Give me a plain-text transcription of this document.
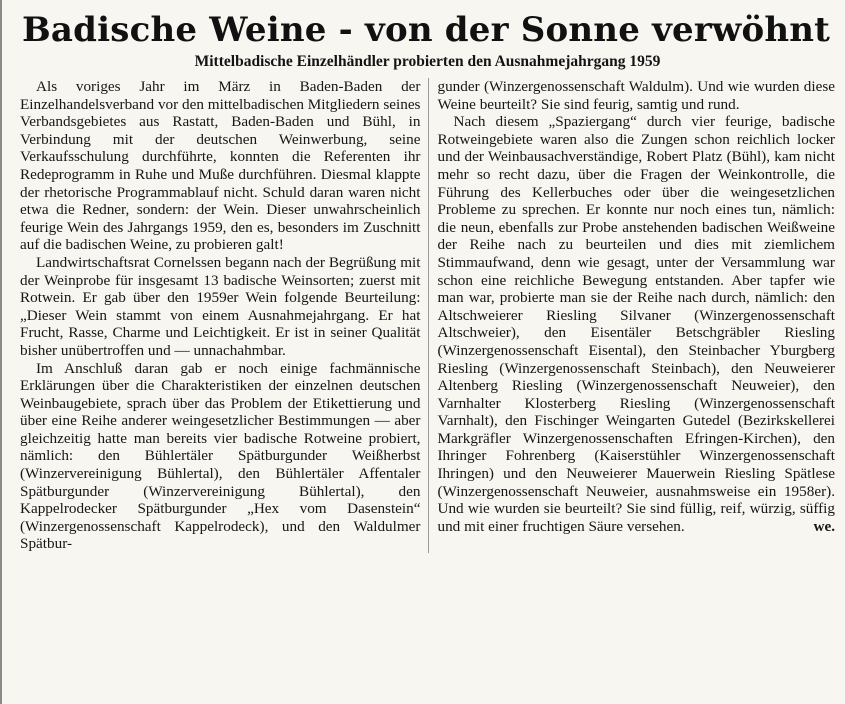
Badische Weine - von der Sonne verwöhnt
Mittelbadische Einzelhändler probierten den Ausnahmejahrgang 1959

Als voriges Jahr im März in Baden-Baden der Einzelhandelsverband vor den mittelbadischen Mitgliedern seines Verbandsgebietes aus Rastatt, Baden-Baden und Bühl, in Verbindung mit der deutschen Weinwerbung, seine Verkaufsschulung durchführte, konnten die Referenten ihr Redeprogramm in Ruhe und Muße durchführen. Diesmal klappte der rhetorische Programmablauf nicht. Schuld daran waren nicht etwa die Redner, sondern: der Wein. Dieser unwahrscheinlich feurige Wein des Jahrgangs 1959, den es, besonders im Zuschnitt auf die badischen Weine, zu probieren galt!

Landwirtschaftsrat Cornelssen begann nach der Begrüßung mit der Weinprobe für insgesamt 13 badische Weinsorten; zuerst mit Rotwein. Er gab über den 1959er Wein folgende Beurteilung: „Dieser Wein stammt von einem Ausnahmejahrgang. Er hat Frucht, Rasse, Charme und Leichtigkeit. Er ist in seiner Qualität bisher unübertroffen und — unnachahmbar.

Im Anschluß daran gab er noch einige fachmännische Erklärungen über die Charakteristiken der einzelnen deutschen Weinbaugebiete, sprach über das Problem der Etikettierung und über eine Reihe anderer weingesetzlicher Bestimmungen — aber gleichzeitig hatte man bereits vier badische Rotweine probiert, nämlich: den Bühlertäler Spätburgunder Weißherbst (Winzervereinigung Bühlertal), den Bühlertäler Affentaler Spätburgunder (Winzervereinigung Bühlertal), den Kappelrodecker Spätburgunder „Hex vom Dasenstein“ (Winzergenossenschaft Kappelrodeck), und den Waldulmer Spätbur-

gunder (Winzergenossenschaft Waldulm). Und wie wurden diese Weine beurteilt? Sie sind feurig, samtig und rund.

Nach diesem „Spaziergang“ durch vier feurige, badische Rotweingebiete waren also die Zungen schon reichlich locker und der Weinbausachverständige, Robert Platz (Bühl), kam nicht mehr so recht dazu, über die Fragen der Weinkontrolle, die Führung des Kellerbuches oder über die weingesetzlichen Probleme zu sprechen. Er konnte nur noch eines tun, nämlich: die neun, ebenfalls zur Probe anstehenden badischen Weißweine der Reihe nach zu beurteilen und dies mit ziemlichem Stimmaufwand, denn wie gesagt, unter der Versammlung war schon eine reichliche Bewegung entstanden. Aber tapfer wie man war, probierte man sie der Reihe nach durch, nämlich: den Altschweierer Riesling Silvaner (Winzergenossenschaft Altschweier), den Eisentäler Betschgräbler Riesling (Winzergenossenschaft Eisental), den Steinbacher Yburgberg Riesling (Winzergenossenschaft Steinbach), den Neuweierer Altenberg Riesling (Winzergenossenschaft Neuweier), den Varnhalter Klosterberg Riesling (Winzergenossenschaft Varnhalt), den Fischinger Weingarten Gutedel (Bezirkskellerei Markgräfler Winzergenossenschaften Efringen-Kirchen), den Ihringer Fohrenberg (Kaiserstühler Winzergenossenschaft Ihringen) und den Neuweierer Mauerwein Riesling Spätlese (Winzergenossenschaft Neuweier, ausnahmsweise ein 1958er). Und wie wurden sie beurteilt? Sie sind füllig, reif, würzig, süffig und mit einer fruchtigen Säure versehen.	we.
